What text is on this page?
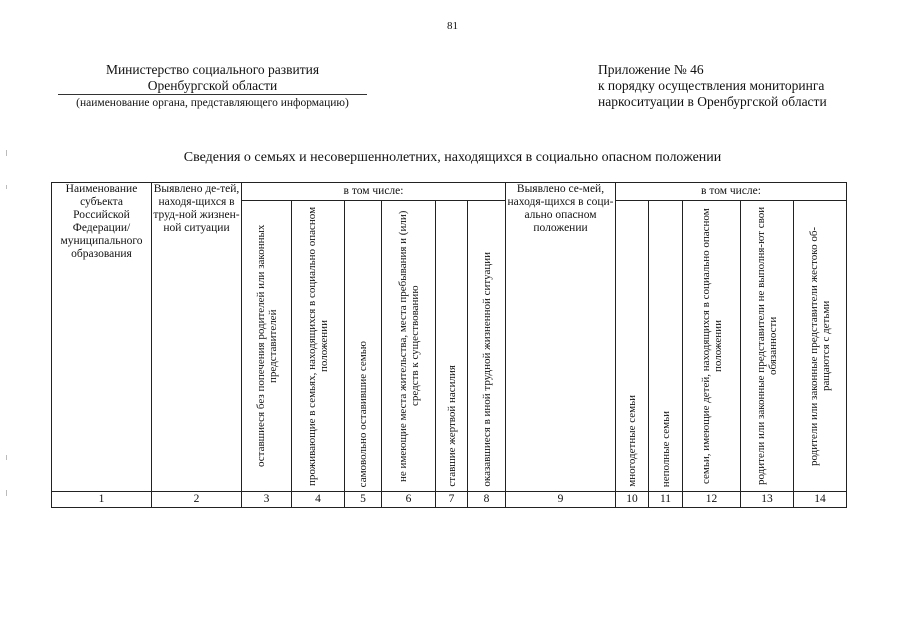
81
Министерство социального развития
Оренбургской области
(наименование органа, представляющего информацию)
Приложение № 46
к порядку осуществления мониторинга
наркоситуации в Оренбургской области
Сведения о семьях и несовершеннолетних, находящихся в социально опасном положении
Наименование субъекта Российской Федерации/ муниципального образования	Выявлено де-тей, находя-щихся в труд-ной жизнен-ной ситуации	в том числе:						Выявлено се-мей, находя-щихся в соци-ально опасном положении	в том числе:				

		оставшиеся без попечения родителей или законных представителей	проживающие в семьях, находящихся в социально опасном положении	самовольно оставившие семью	не имеющие места жительства, места пребывания и (или) средств к существованию	ставшие жертвой насилия	оказавшиеся в иной трудной жизненной ситуации		многодетные семьи	неполные семьи	семьи, имеющие детей, находящихся в социально опасном положении	родители или законные представители не выполня-ют свои обязанности	родители или законные представители жестоко об-ращаются с детьми

1	2	3	4	5	6	7	8	9	10	11	12	13	14
